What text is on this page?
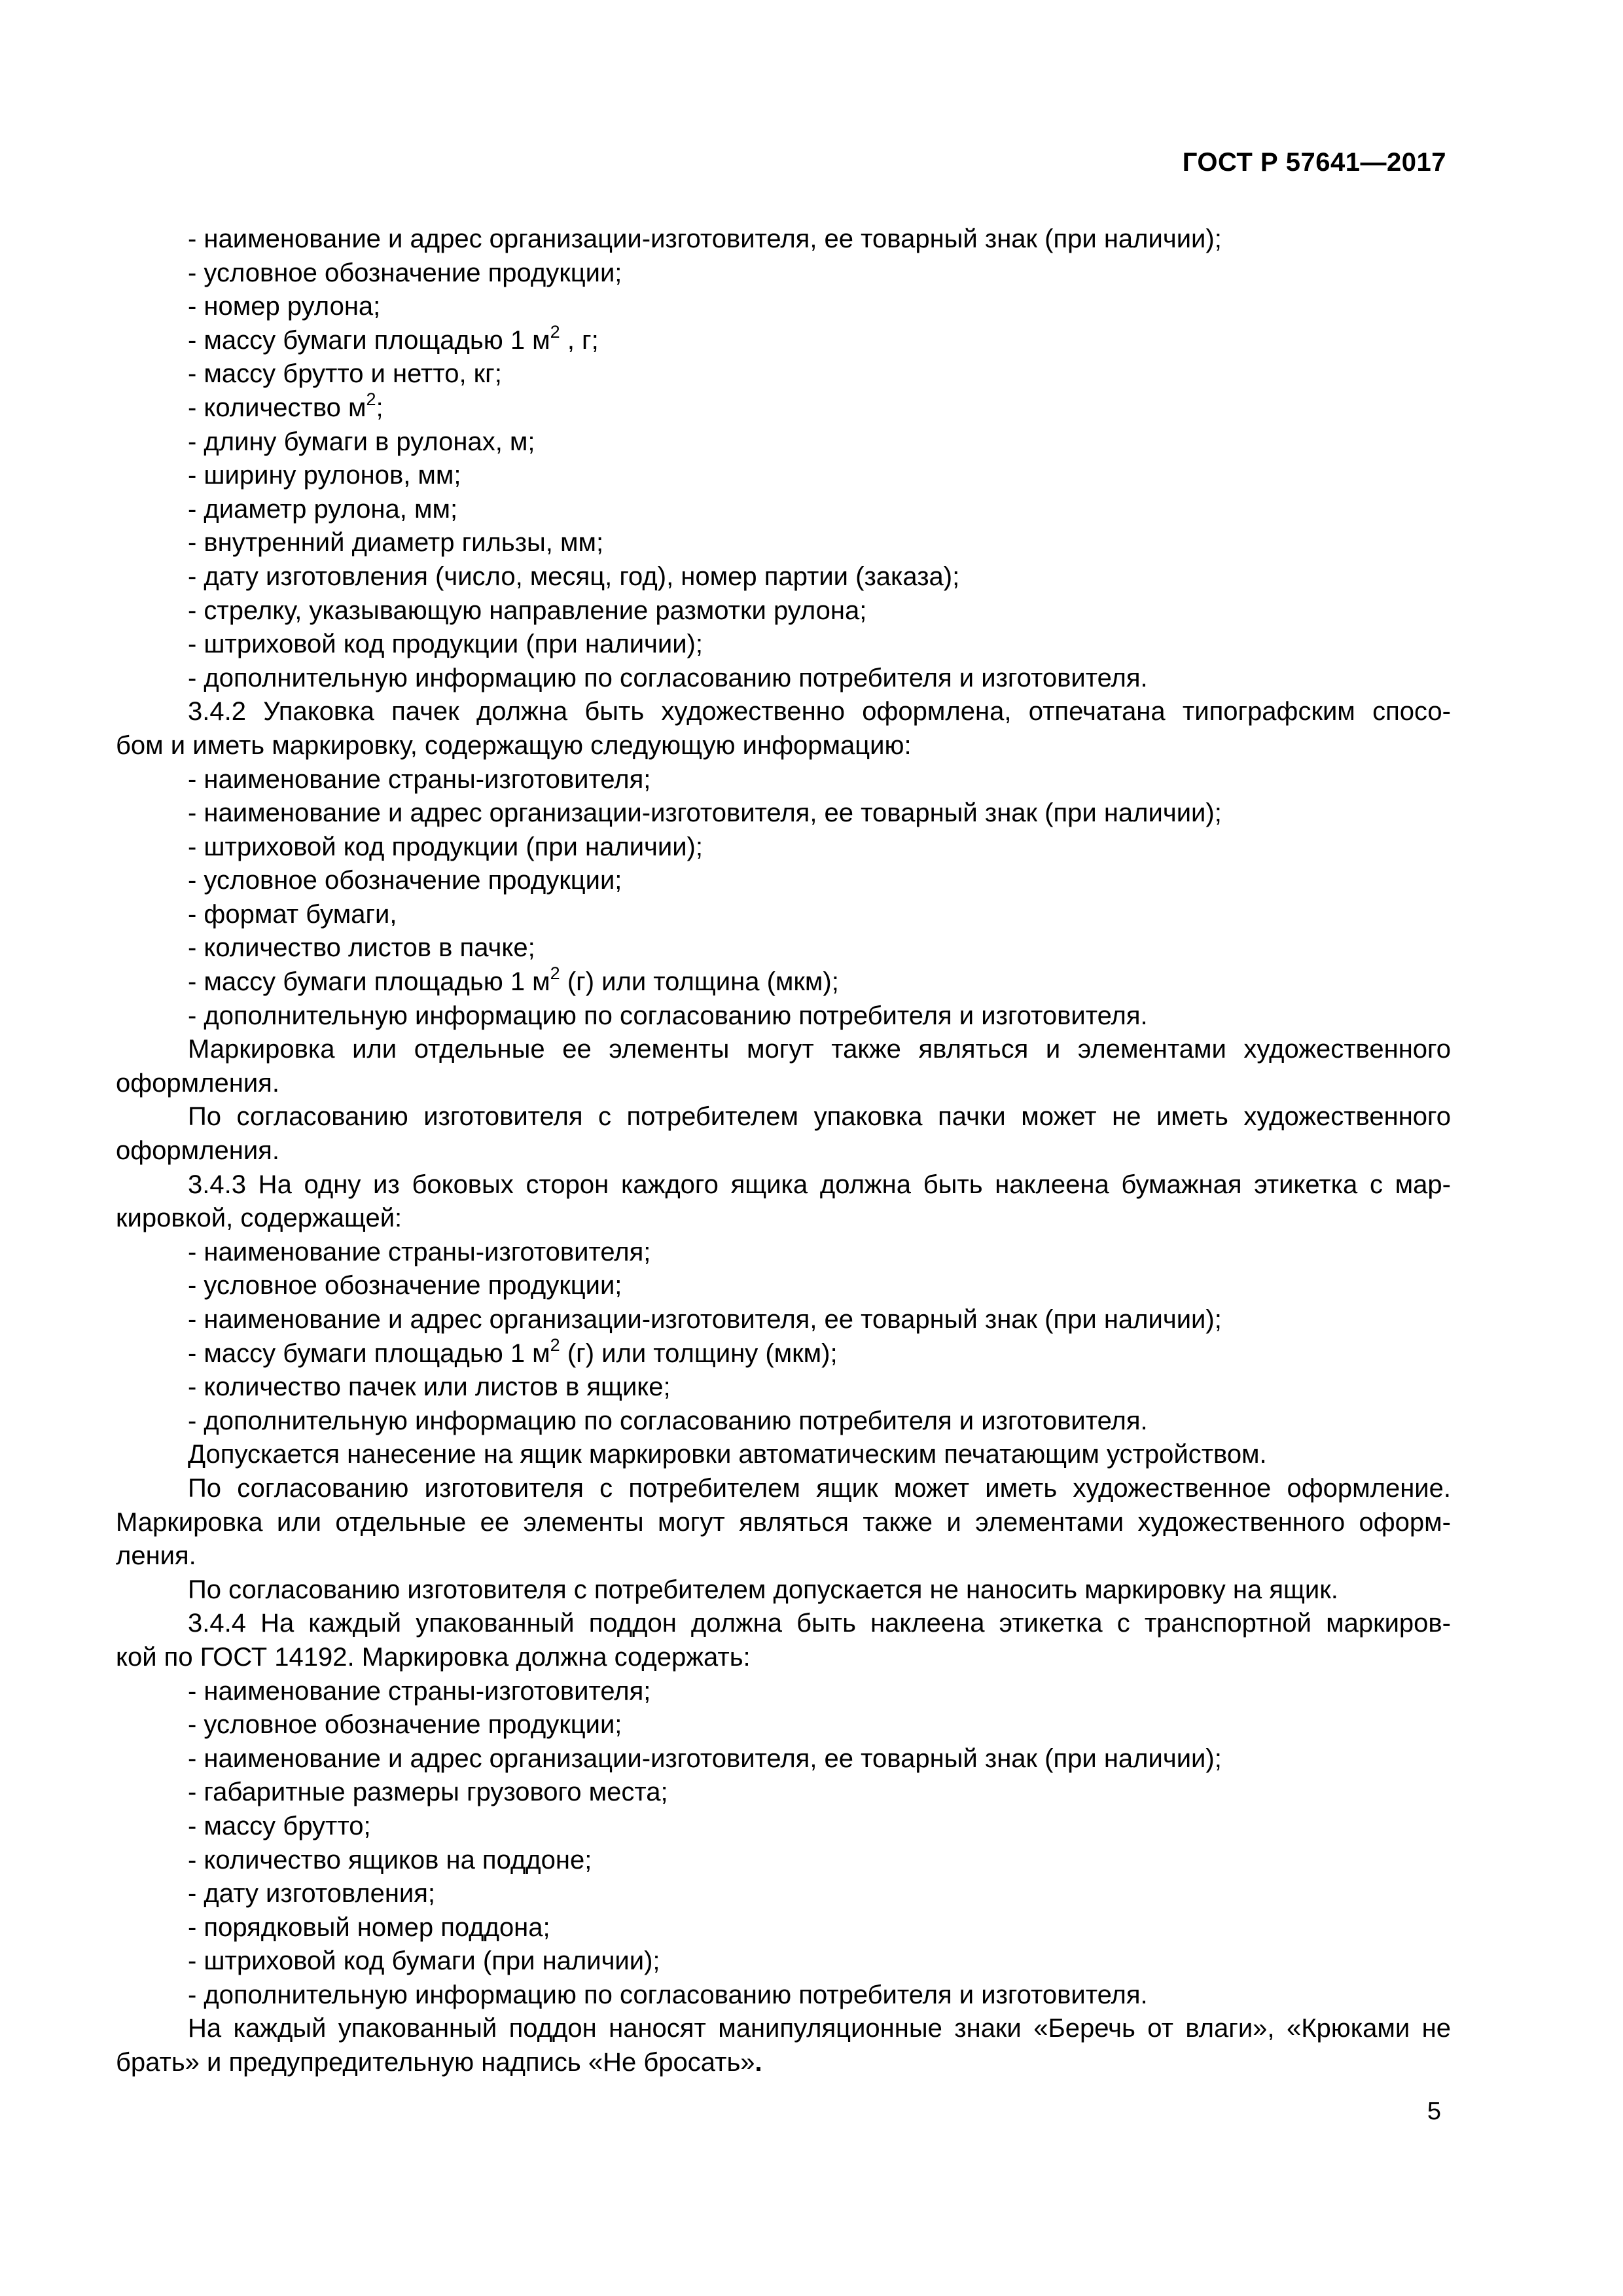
ГОСТ Р 57641—2017
- наименование и адрес организации-изготовителя, ее товарный знак (при наличии);
- условное обозначение продукции;
- номер рулона;
- массу бумаги площадью 1 $м^2$ , г;
- массу брутто и нетто, кг;
- количество $м^2$;
- длину бумаги в рулонах, м;
- ширину рулонов, мм;
- диаметр рулона, мм;
- внутренний диаметр гильзы, мм;
- дату изготовления (число, месяц, год), номер партии (заказа);
- стрелку, указывающую направление размотки рулона;
- штриховой код продукции (при наличии);
- дополнительную информацию по согласованию потребителя и изготовителя.
3.4.2 Упаковка пачек должна быть художественно оформлена, отпечатана типографским спосо-
бом и иметь маркировку, содержащую следующую информацию:
- наименование страны-изготовителя;
- наименование и адрес организации-изготовителя, ее товарный знак (при наличии);
- штриховой код продукции (при наличии);
- условное обозначение продукции;
- формат бумаги,
- количество листов в пачке;
- массу бумаги площадью 1 $м^2$ (г) или толщина (мкм);
- дополнительную информацию по согласованию потребителя и изготовителя.
Маркировка или отдельные ее элементы могут также являться и элементами художественного
оформления.
По согласованию изготовителя с потребителем упаковка пачки может не иметь художественного
оформления.
3.4.3 На одну из боковых сторон каждого ящика должна быть наклеена бумажная этикетка с мар-
кировкой, содержащей:
- наименование страны-изготовителя;
- условное обозначение продукции;
- наименование и адрес организации-изготовителя, ее товарный знак (при наличии);
- массу бумаги площадью 1 $м^2$ (г) или толщину (мкм);
- количество пачек или листов в ящике;
- дополнительную информацию по согласованию потребителя и изготовителя.
Допускается нанесение на ящик маркировки автоматическим печатающим устройством.
По согласованию изготовителя с потребителем ящик может иметь художественное оформление.
Маркировка или отдельные ее элементы могут являться также и элементами художественного оформ-
ления.
По согласованию изготовителя с потребителем допускается не наносить маркировку на ящик.
3.4.4 На каждый упакованный поддон должна быть наклеена этикетка с транспортной маркиров-
кой по ГОСТ 14192. Маркировка должна содержать:
- наименование страны-изготовителя;
- условное обозначение продукции;
- наименование и адрес организации-изготовителя, ее товарный знак (при наличии);
- габаритные размеры грузового места;
- массу брутто;
- количество ящиков на поддоне;
- дату изготовления;
- порядковый номер поддона;
- штриховой код бумаги (при наличии);
- дополнительную информацию по согласованию потребителя и изготовителя.
На каждый упакованный поддон наносят манипуляционные знаки «Беречь от влаги», «Крюками не
брать» и предупредительную надпись «Не бросать».
5
